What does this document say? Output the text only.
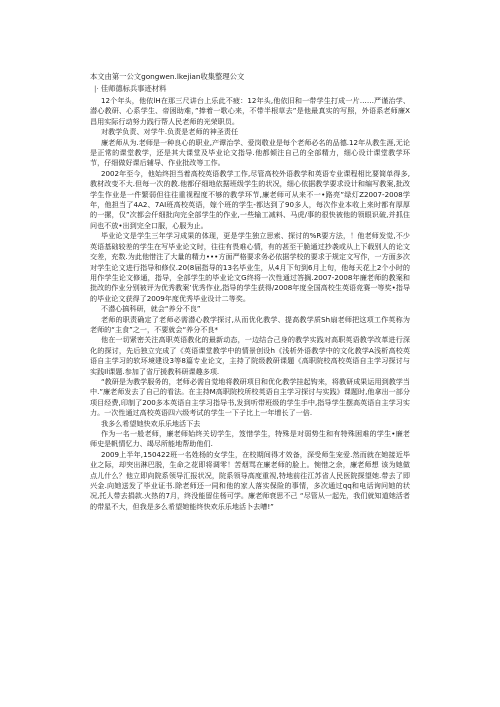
本文由第一公文gongwen.lkejian收集整理公文
|· 佳师德标兵事迹材料

12个年头，他依lH在那三尺讲台上乐此不疲：12年头,他依旧和一带学生打成一片……严谨治学、潜心教研、心系学生、帝困助难，”捧着一歌心来，不带半根草去”是他最真实的写照，外语系老师廉X昌用实际行动努力践行帮人民老师的光荣职员。

对教学负责、对学牛.负责是老师的神圣责任

廉老师从为.老师是一种良心的职业,产谭治学、爱岗敬业是每个老师必名的品德.12年从教生涯,无论是正常的课堂教学，还是其大课堂及毕业论文指导.他都倾注自己的全部精力，细心设计课堂教学环节，仔细做好课后辅导、作业批改等工作。

2002年至今，他始终担当着高校英语教学工作,尽管高校外语教学和英语专业课程相比要简单得多,教材改变不大.但每一次的教.他都仔细地依据班级学生的状况，细心依据教学要求设计和编写教案,批改学生作业是一件繁弱但往往重视程度不够的教学环节,廉老师可从来不一•路亮”绿灯Z2007-2008学年，他担当了4A2、7AI班高校英语，嫁个班的学生-都达到了90多人，每次作业本收上来时都有厚厚的一摞，仅”次都会仟细批向完全部学生的作业,一些输工减料、马虎/事的很快被他的领眼识破,并抓住问也不放•出到完全口服，心服为止。

毕业论文是学生三年学习成果的体现，更是学生独立思索、探讨的%R要方法，！他老师发觉,不少英语基础较差的学生在写毕业论文时，往往有畏难心情，有的甚至干脆通过抄袭或从上下载别人的论文交差，充数.为此他惜注了大量的精力•••方面严格要求务必依据学校的要求于规定文写作，一方面多次对学生论文进行指导和修仪.20(8届指导的13名毕业生，从4月下旬到6月上旬，他每天花上2个小时的用作学生论文修通，指导，全部学生的毕业论文G终将一次性通过答搁.2007-2008年廉老师的教案和批改的作业分别被评为优秀教案’优秀作业,指导的学生获得/2008年度全国高校生英语竞赛一等奖•指导的毕业论文获得了2009年度优秀毕业设计二等奖。

不潜心搞科研，就会“养分不良”

老师的职责确定了老师必需潜心教学探讨,从而优化教学、提高教学质Sh扇老师把这项工作英称为老师的“主食”之一，不要就会“养分不良*

他在一切紧密关注高职英语教化的最新动态，一边结合己身的教学实践对高职英语教学改革进行深化的探讨，先后独立完成了《英语课堂教学中的情景创设h《浅析外语教学中的文化教学A浅析高校英语自主学习的软环境建设3等8篇专业论文，主持了院级教研课題《高职院校高校英语自主学习探讨与实践Il课题.参加了省厅援教科研课趣多项.

“教研是为教学服务的，老师必需自觉地将教研项目和优化教学挂起钩来，将教研成果运用到教学当中.”廉老师发去了自己的看法。在主持M高职院校所校英语自主学习探讨与实践》课题时,他拿出一部分项目经费,印制了200多本英语自主学习指导书,发到听带班级的学生手中,指导学生摆高英语自主学习实力。一次性通过高校英语四六级考试的学生一下子比上一年增长了一倍.

我多么希望她快欢乐乐地活下去

作为一名一般老师，廉老师始终关切学生，笈惜学生，特殊是对弱势生和有特殊困难的学生•廉老师史是帆情忆力、竭尽所能地帮助他们.

2009上半年,150422班一名姓杨的女学生，在校期间得才效备，深受师生宠爱.然而就在她接近毕业之际，却突出淋巴脱，生命之花即将调零！苦烟骂在廉老师的脸上。惋惜之余，廉老师想 该为她做点儿什么？他立即向院系领导汇报状况，院系领导高度重视,特地前往江苏省人民医院探望她.带去了即兴金.向她送发了毕业证书.除老师还一同和他的家人落实保险的事情，多次通过qq和电话询问她的状况,托人带去捐款.火热的7月，终没能留住杨可学。廉老师衰思不己 “尽管从一起先，我们就知道她活者的带星不大，但我是多么希望她能终快欢乐乐地活卜去嘈!”
